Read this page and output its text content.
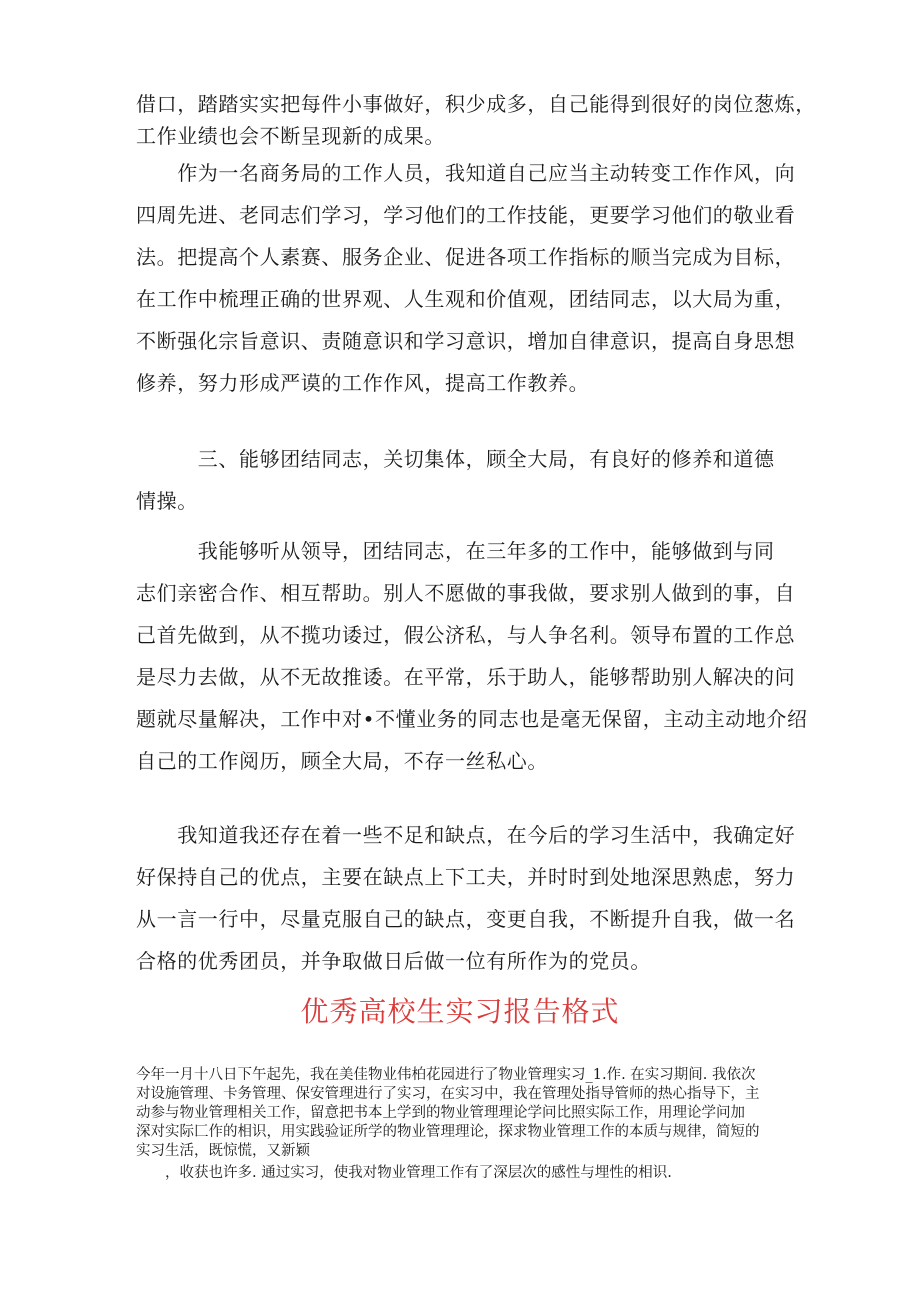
借口，踏踏实实把每件小事做好，积少成多，自己能得到很好的岗位葱炼，
工作业绩也会不断呈现新的成果。
　　作为一名商务局的工作人员，我知道自己应当主动转变工作作风，向
四周先进、老同志们学习，学习他们的工作技能，更要学习他们的敬业看
法。把提高个人素赛、服务企业、促进各项工作指标的顺当完成为目标，
在工作中梳理正确的世界观、人生观和价值观，团结同志，以大局为重，
不断强化宗旨意识、责随意识和学习意识，增加自律意识，提高自身思想
修养，努力形成严谟的工作作风，提高工作教养。
　　　三、能够团结同志，关切集体，顾全大局，有良好的修养和道德
情操。
　　　我能够听从领导，团结同志，在三年多的工作中，能够做到与同
志们亲密合作、相互帮助。别人不愿做的事我做，要求别人做到的事，自
己首先做到，从不揽功诿过，假公济私，与人争名利。领导布置的工作总
是尽力去做，从不无故推诿。在平常，乐于助人，能够帮助别人解决的问
题就尽量解决，工作中对•不懂业务的同志也是毫无保留，主动主动地介绍
自己的工作阅历，顾全大局，不存一丝私心。
　　我知道我还存在着一些不足和缺点，在今后的学习生活中，我确定好
好保持自己的优点，主要在缺点上下工夫，并时时到处地深思熟虑，努力
从一言一行中，尽量克服自己的缺点，变更自我，不断提升自我，做一名
合格的优秀团员，并争取做日后做一位有所作为的党员。
优秀高校生实习报告格式
今年一月十八日下午起先，我在美佳物业伟柏花园进行了物业管理实习_1.作. 在实习期间. 我依次
对设施管理、卡务管理、保安管理进行了实习，在实习中，我在管理处指导管师的热心指导下，主
动参与物业管理相关工作，留意把书本上学到的物业管理理论学问比照实际工作，用理论学问加
深对实际匚作的相识，用实践验证所学的物业管理理论，探求物业管理工作的本质与规律，简短的
实习生活，既惊慌，又新颖
　　，收获也许多. 通过实习，使我对物业管理工作有了深层次的感性与埋性的相识.
